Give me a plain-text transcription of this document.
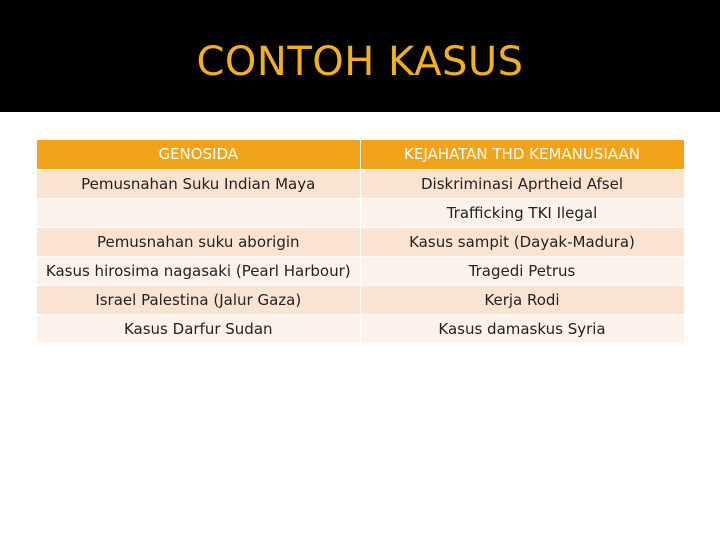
CONTOH KASUS
GENOSIDA	KEJAHATAN THD KEMANUSIAAN
Pemusnahan Suku Indian Maya	Diskriminasi Aprtheid Afsel
	Trafficking TKI Ilegal
Pemusnahan suku aborigin	Kasus sampit (Dayak-Madura)
Kasus hirosima nagasaki (Pearl Harbour)	Tragedi Petrus
Israel Palestina (Jalur Gaza)	Kerja Rodi
Kasus Darfur Sudan	Kasus damaskus Syria
